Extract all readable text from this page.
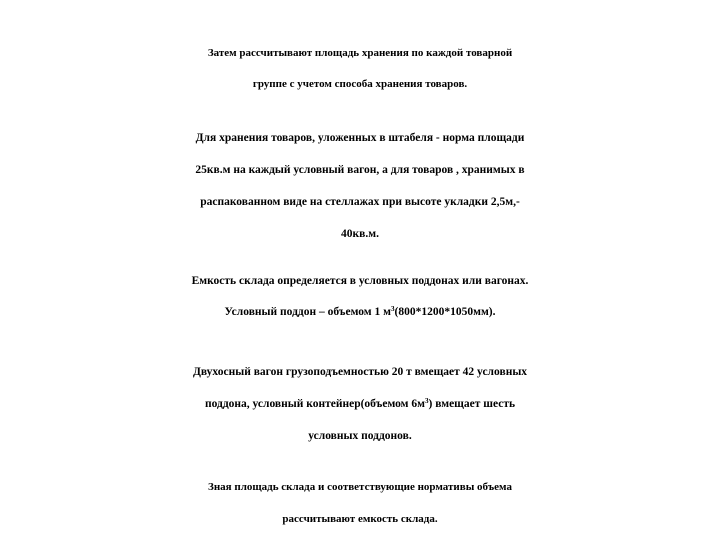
Затем рассчитывают площадь хранения по каждой товарной
группе с учетом способа хранения товаров.

Для хранения товаров, уложенных в штабеля - норма площади
25кв.м на каждый условный вагон, а для товаров , хранимых в
распакованном виде на стеллажах при высоте укладки 2,5м,-
40кв.м.

Емкость склада определяется в условных поддонах или вагонах.
Условный поддон – объемом 1 $м^3(800*1200*1050мм)$.

Двухосный вагон грузоподъемностью 20 т вмещает 42 условных
поддона, условный контейнер(объемом $6м^3$) вмещает шесть
условных поддонов.

Зная площадь склада и соответствующие нормативы объема
рассчитывают емкость склада.
